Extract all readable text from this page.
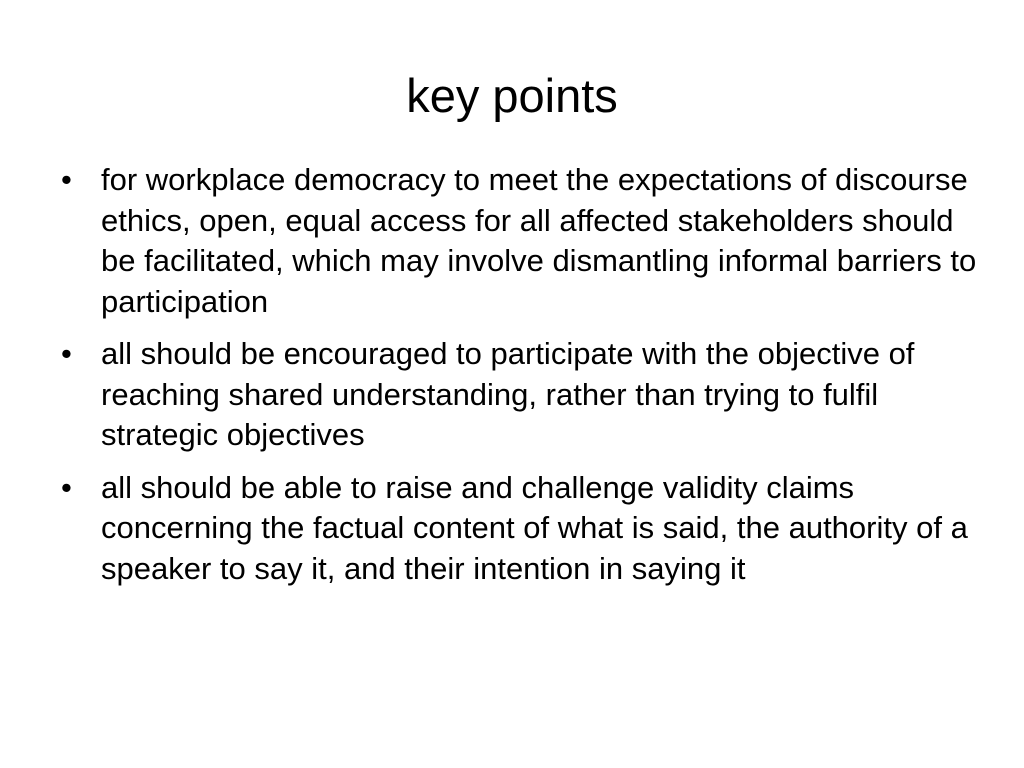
key points
• for workplace democracy to meet the expectations of discourse ethics, open, equal access for all affected stakeholders should be facilitated, which may involve dismantling informal barriers to participation
• all should be encouraged to participate with the objective of reaching shared understanding, rather than trying to fulfil strategic objectives
• all should be able to raise and challenge validity claims concerning the factual content of what is said, the authority of a speaker to say it, and their intention in saying it
